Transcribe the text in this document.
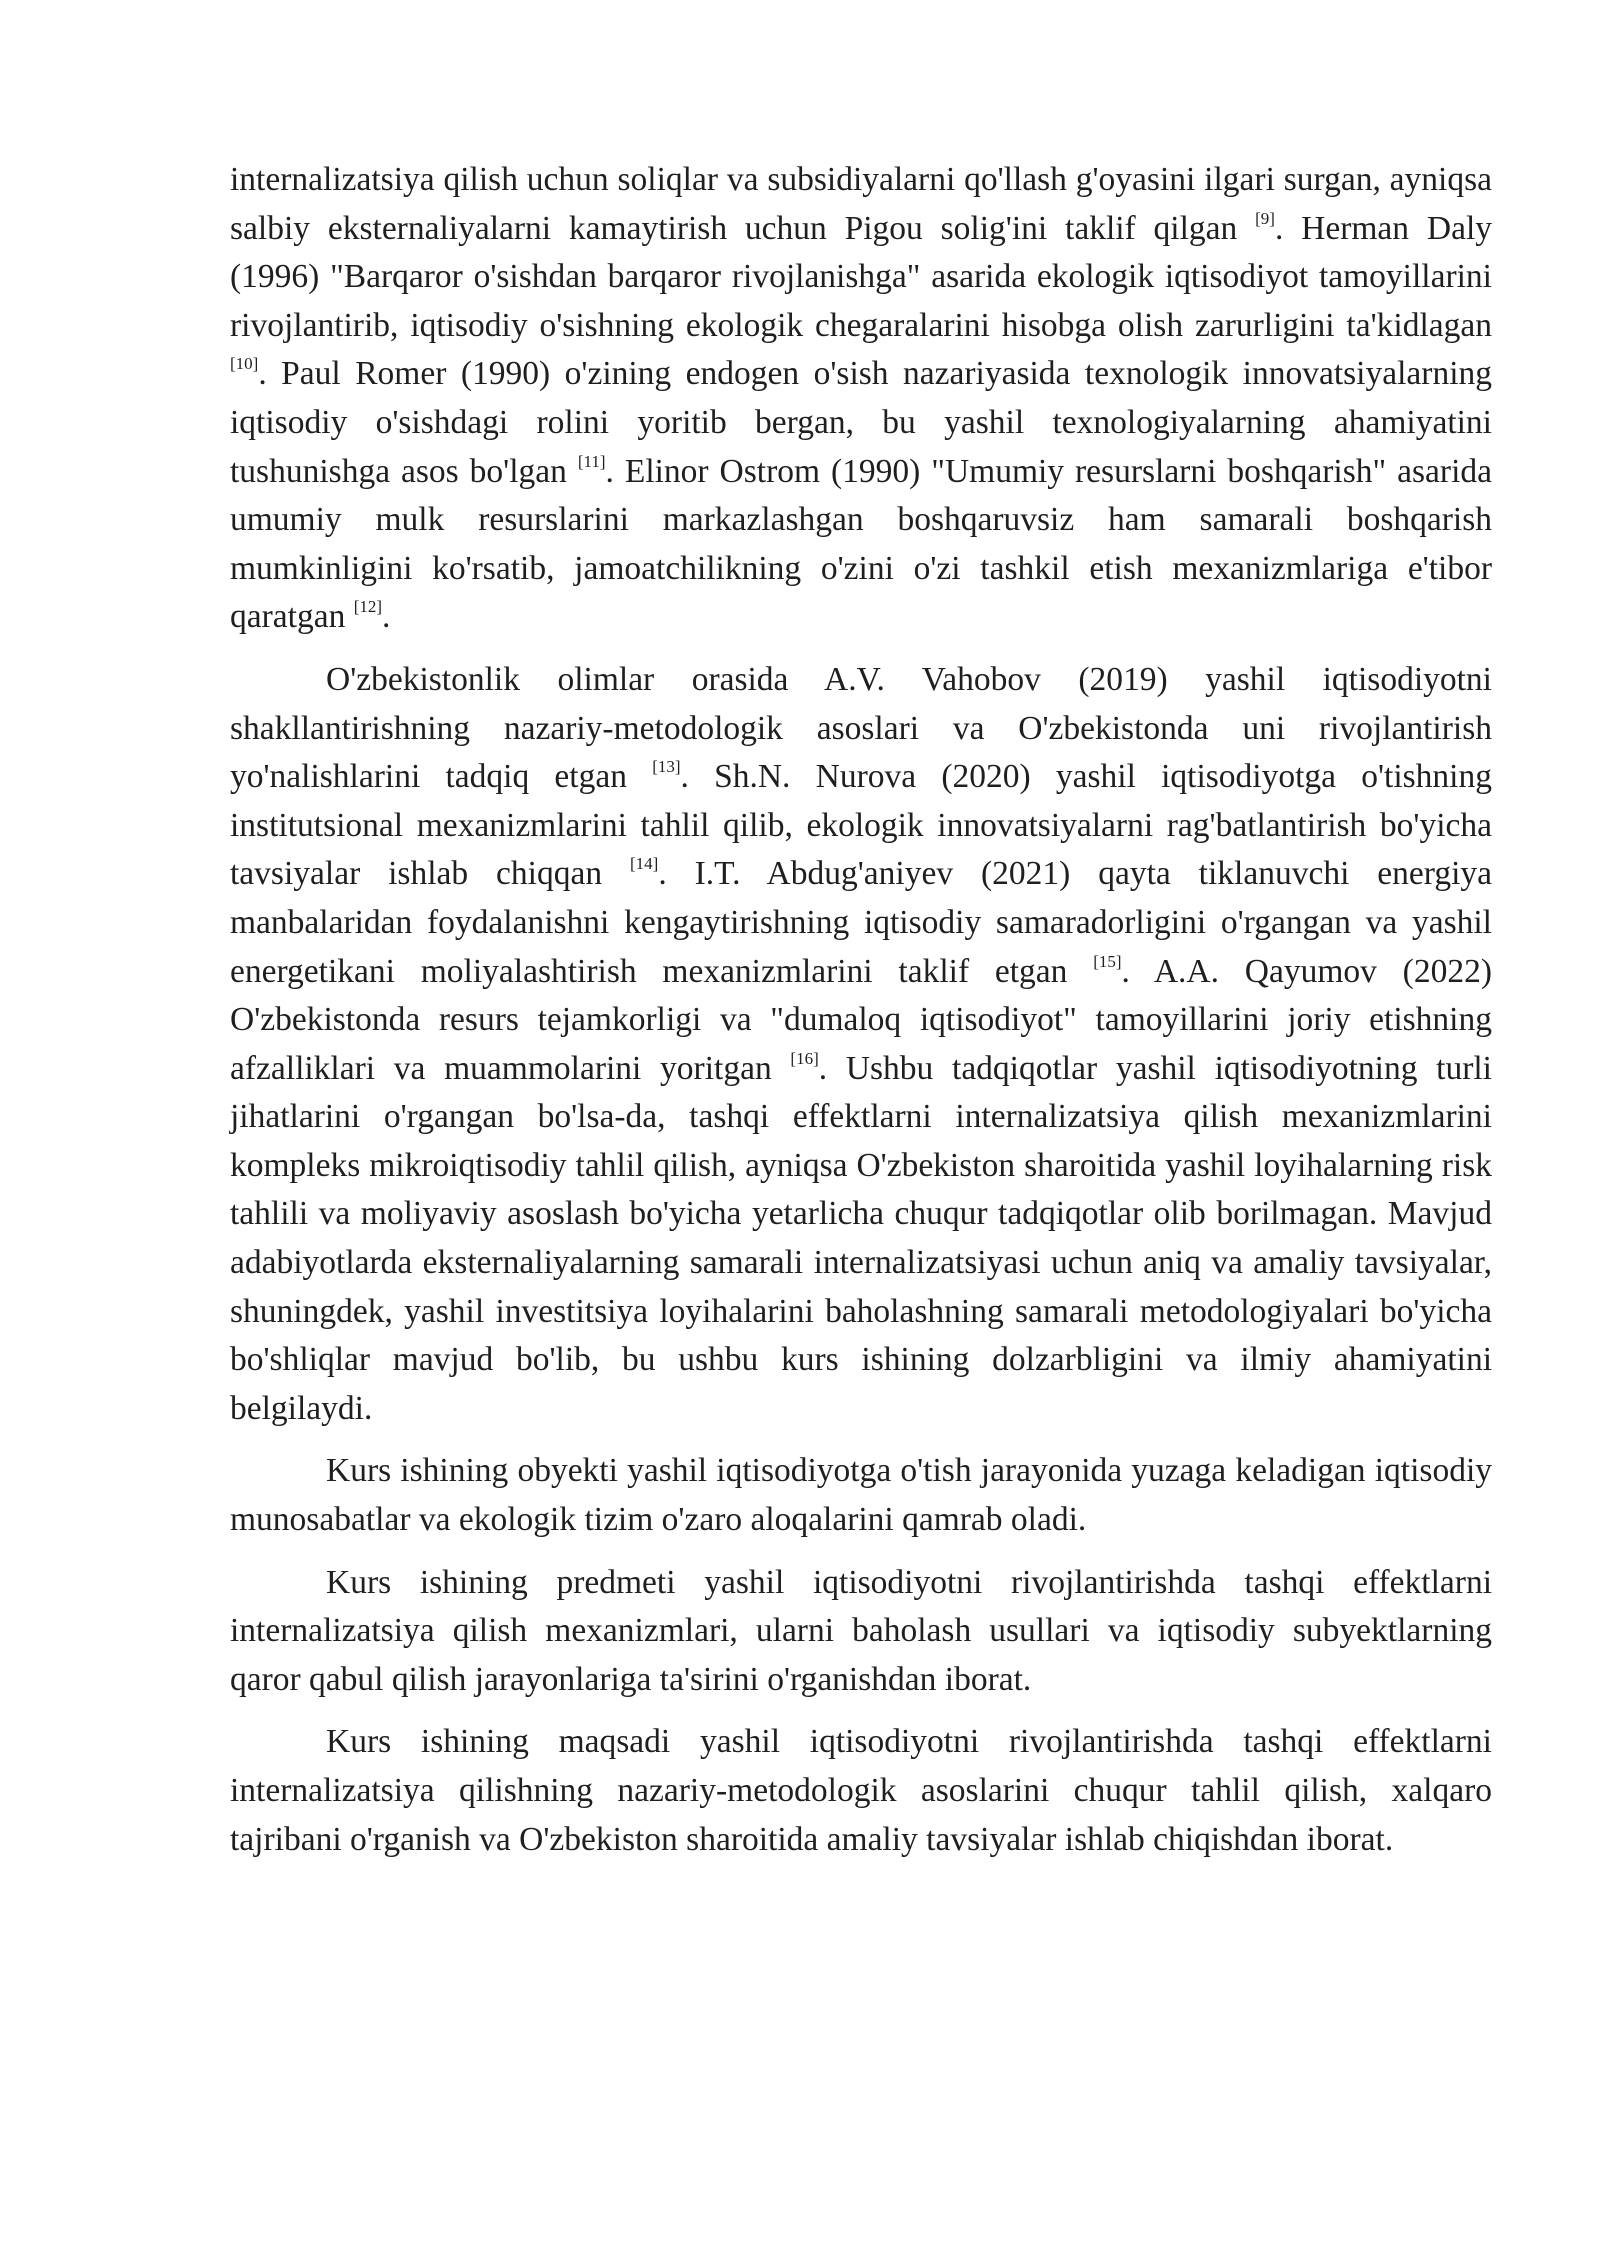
internalizatsiya qilish uchun soliqlar va subsidiyalarni qo'llash g'oyasini ilgari surgan, ayniqsa salbiy eksternaliyalarni kamaytirish uchun Pigou solig'ini taklif qilgan [9]. Herman Daly (1996) "Barqaror o'sishdan barqaror rivojlanishga" asarida ekologik iqtisodiyot tamoyillarini rivojlantirib, iqtisodiy o'sishning ekologik chegaralarini hisobga olish zarurligini ta'kidlagan [10]. Paul Romer (1990) o'zining endogen o'sish nazariyasida texnologik innovatsiyalarning iqtisodiy o'sishdagi rolini yoritib bergan, bu yashil texnologiyalarning ahamiyatini tushunishga asos bo'lgan [11]. Elinor Ostrom (1990) "Umumiy resurslarni boshqarish" asarida umumiy mulk resurslarini markazlashgan boshqaruvsiz ham samarali boshqarish mumkinligini ko'rsatib, jamoatchilikning o'zini o'zi tashkil etish mexanizmlariga e'tibor qaratgan [12].

O'zbekistonlik olimlar orasida A.V. Vahobov (2019) yashil iqtisodiyotni shakllantirishning nazariy-metodologik asoslari va O'zbekistonda uni rivojlantirish yo'nalishlarini tadqiq etgan [13]. Sh.N. Nurova (2020) yashil iqtisodiyotga o'tishning institutsional mexanizmlarini tahlil qilib, ekologik innovatsiyalarni rag'batlantirish bo'yicha tavsiyalar ishlab chiqqan [14]. I.T. Abdug'aniyev (2021) qayta tiklanuvchi energiya manbalaridan foydalanishni kengaytirishning iqtisodiy samaradorligini o'rgangan va yashil energetikani moliyalashtirish mexanizmlarini taklif etgan [15]. A.A. Qayumov (2022) O'zbekistonda resurs tejamkorligi va "dumaloq iqtisodiyot" tamoyillarini joriy etishning afzalliklari va muammolarini yoritgan [16]. Ushbu tadqiqotlar yashil iqtisodiyotning turli jihatlarini o'rgangan bo'lsa-da, tashqi effektlarni internalizatsiya qilish mexanizmlarini kompleks mikroiqtisodiy tahlil qilish, ayniqsa O'zbekiston sharoitida yashil loyihalarning risk tahlili va moliyaviy asoslash bo'yicha yetarlicha chuqur tadqiqotlar olib borilmagan. Mavjud adabiyotlarda eksternaliyalarning samarali internalizatsiyasi uchun aniq va amaliy tavsiyalar, shuningdek, yashil investitsiya loyihalarini baholashning samarali metodologiyalari bo'yicha bo'shliqlar mavjud bo'lib, bu ushbu kurs ishining dolzarbligini va ilmiy ahamiyatini belgilaydi.

Kurs ishining obyekti yashil iqtisodiyotga o'tish jarayonida yuzaga keladigan iqtisodiy munosabatlar va ekologik tizim o'zaro aloqalarini qamrab oladi.

Kurs ishining predmeti yashil iqtisodiyotni rivojlantirishda tashqi effektlarni internalizatsiya qilish mexanizmlari, ularni baholash usullari va iqtisodiy subyektlarning qaror qabul qilish jarayonlariga ta'sirini o'rganishdan iborat.

Kurs ishining maqsadi yashil iqtisodiyotni rivojlantirishda tashqi effektlarni internalizatsiya qilishning nazariy-metodologik asoslarini chuqur tahlil qilish, xalqaro tajribani o'rganish va O'zbekiston sharoitida amaliy tavsiyalar ishlab chiqishdan iborat.
